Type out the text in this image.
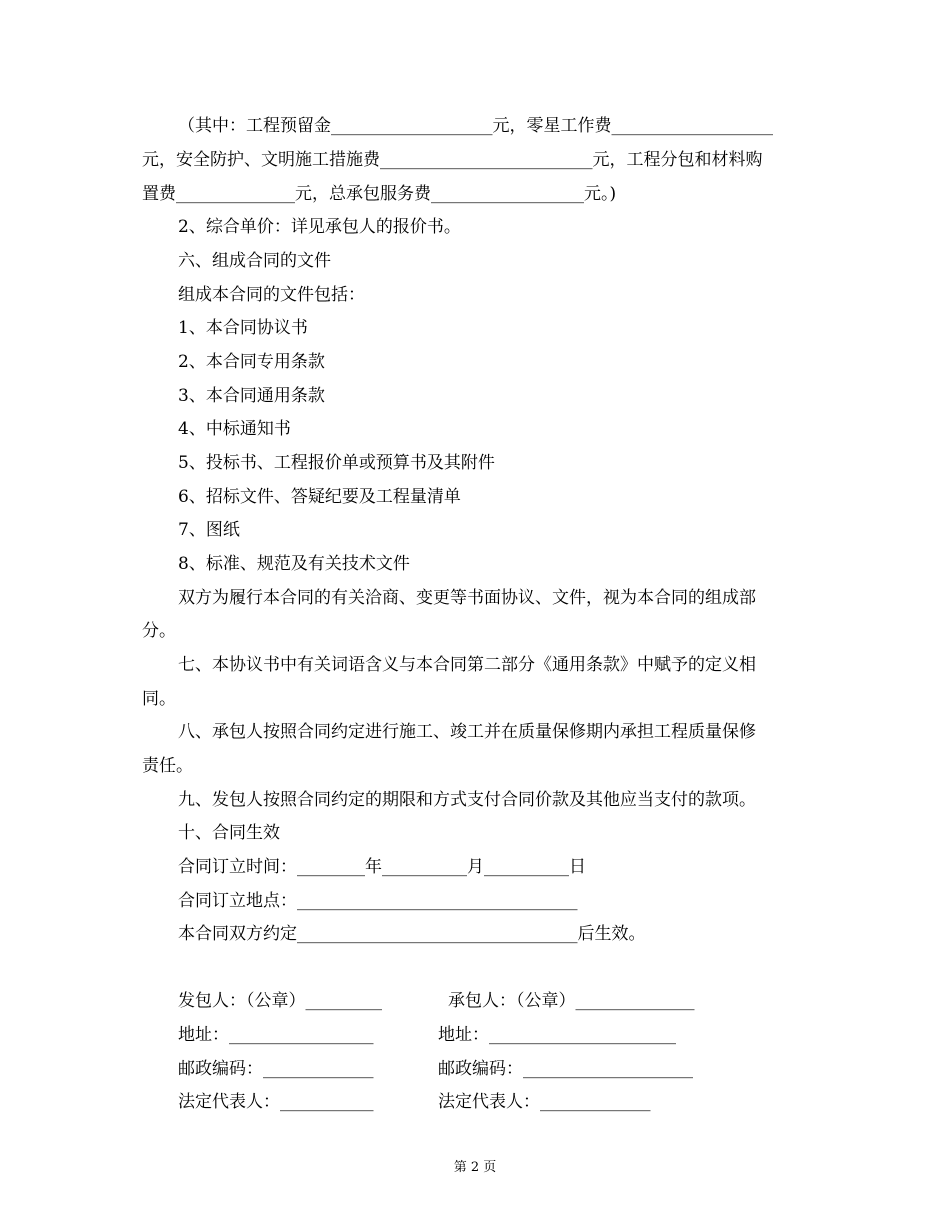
（其中：工程预留金___________________元，零星工作费___________________

元，安全防护、文明施工措施费_________________________元，工程分包和材料购

置费______________元，总承包服务费__________________元。)

2、综合单价：详见承包人的报价书。

六、组成合同的文件

组成本合同的文件包括：

1、本合同协议书

2、本合同专用条款

3、本合同通用条款

4、中标通知书

5、投标书、工程报价单或预算书及其附件

6、招标文件、答疑纪要及工程量清单

7、图纸

8、标准、规范及有关技术文件

双方为履行本合同的有关洽商、变更等书面协议、文件，视为本合同的组成部

分。

七、本协议书中有关词语含义与本合同第二部分《通用条款》中赋予的定义相

同。

八、承包人按照合同约定进行施工、竣工并在质量保修期内承担工程质量保修

责任。

九、发包人按照合同约定的期限和方式支付合同价款及其他应当支付的款项。

十、合同生效

合同订立时间：________年__________月__________日

合同订立地点：_________________________________

本合同双方约定_________________________________后生效。

发包人：（公章）_________	承包人：（公章）______________

地址：_________________	地址：______________________

邮政编码：_____________	邮政编码：____________________

法定代表人：___________	法定代表人：_____________

第 2 页
